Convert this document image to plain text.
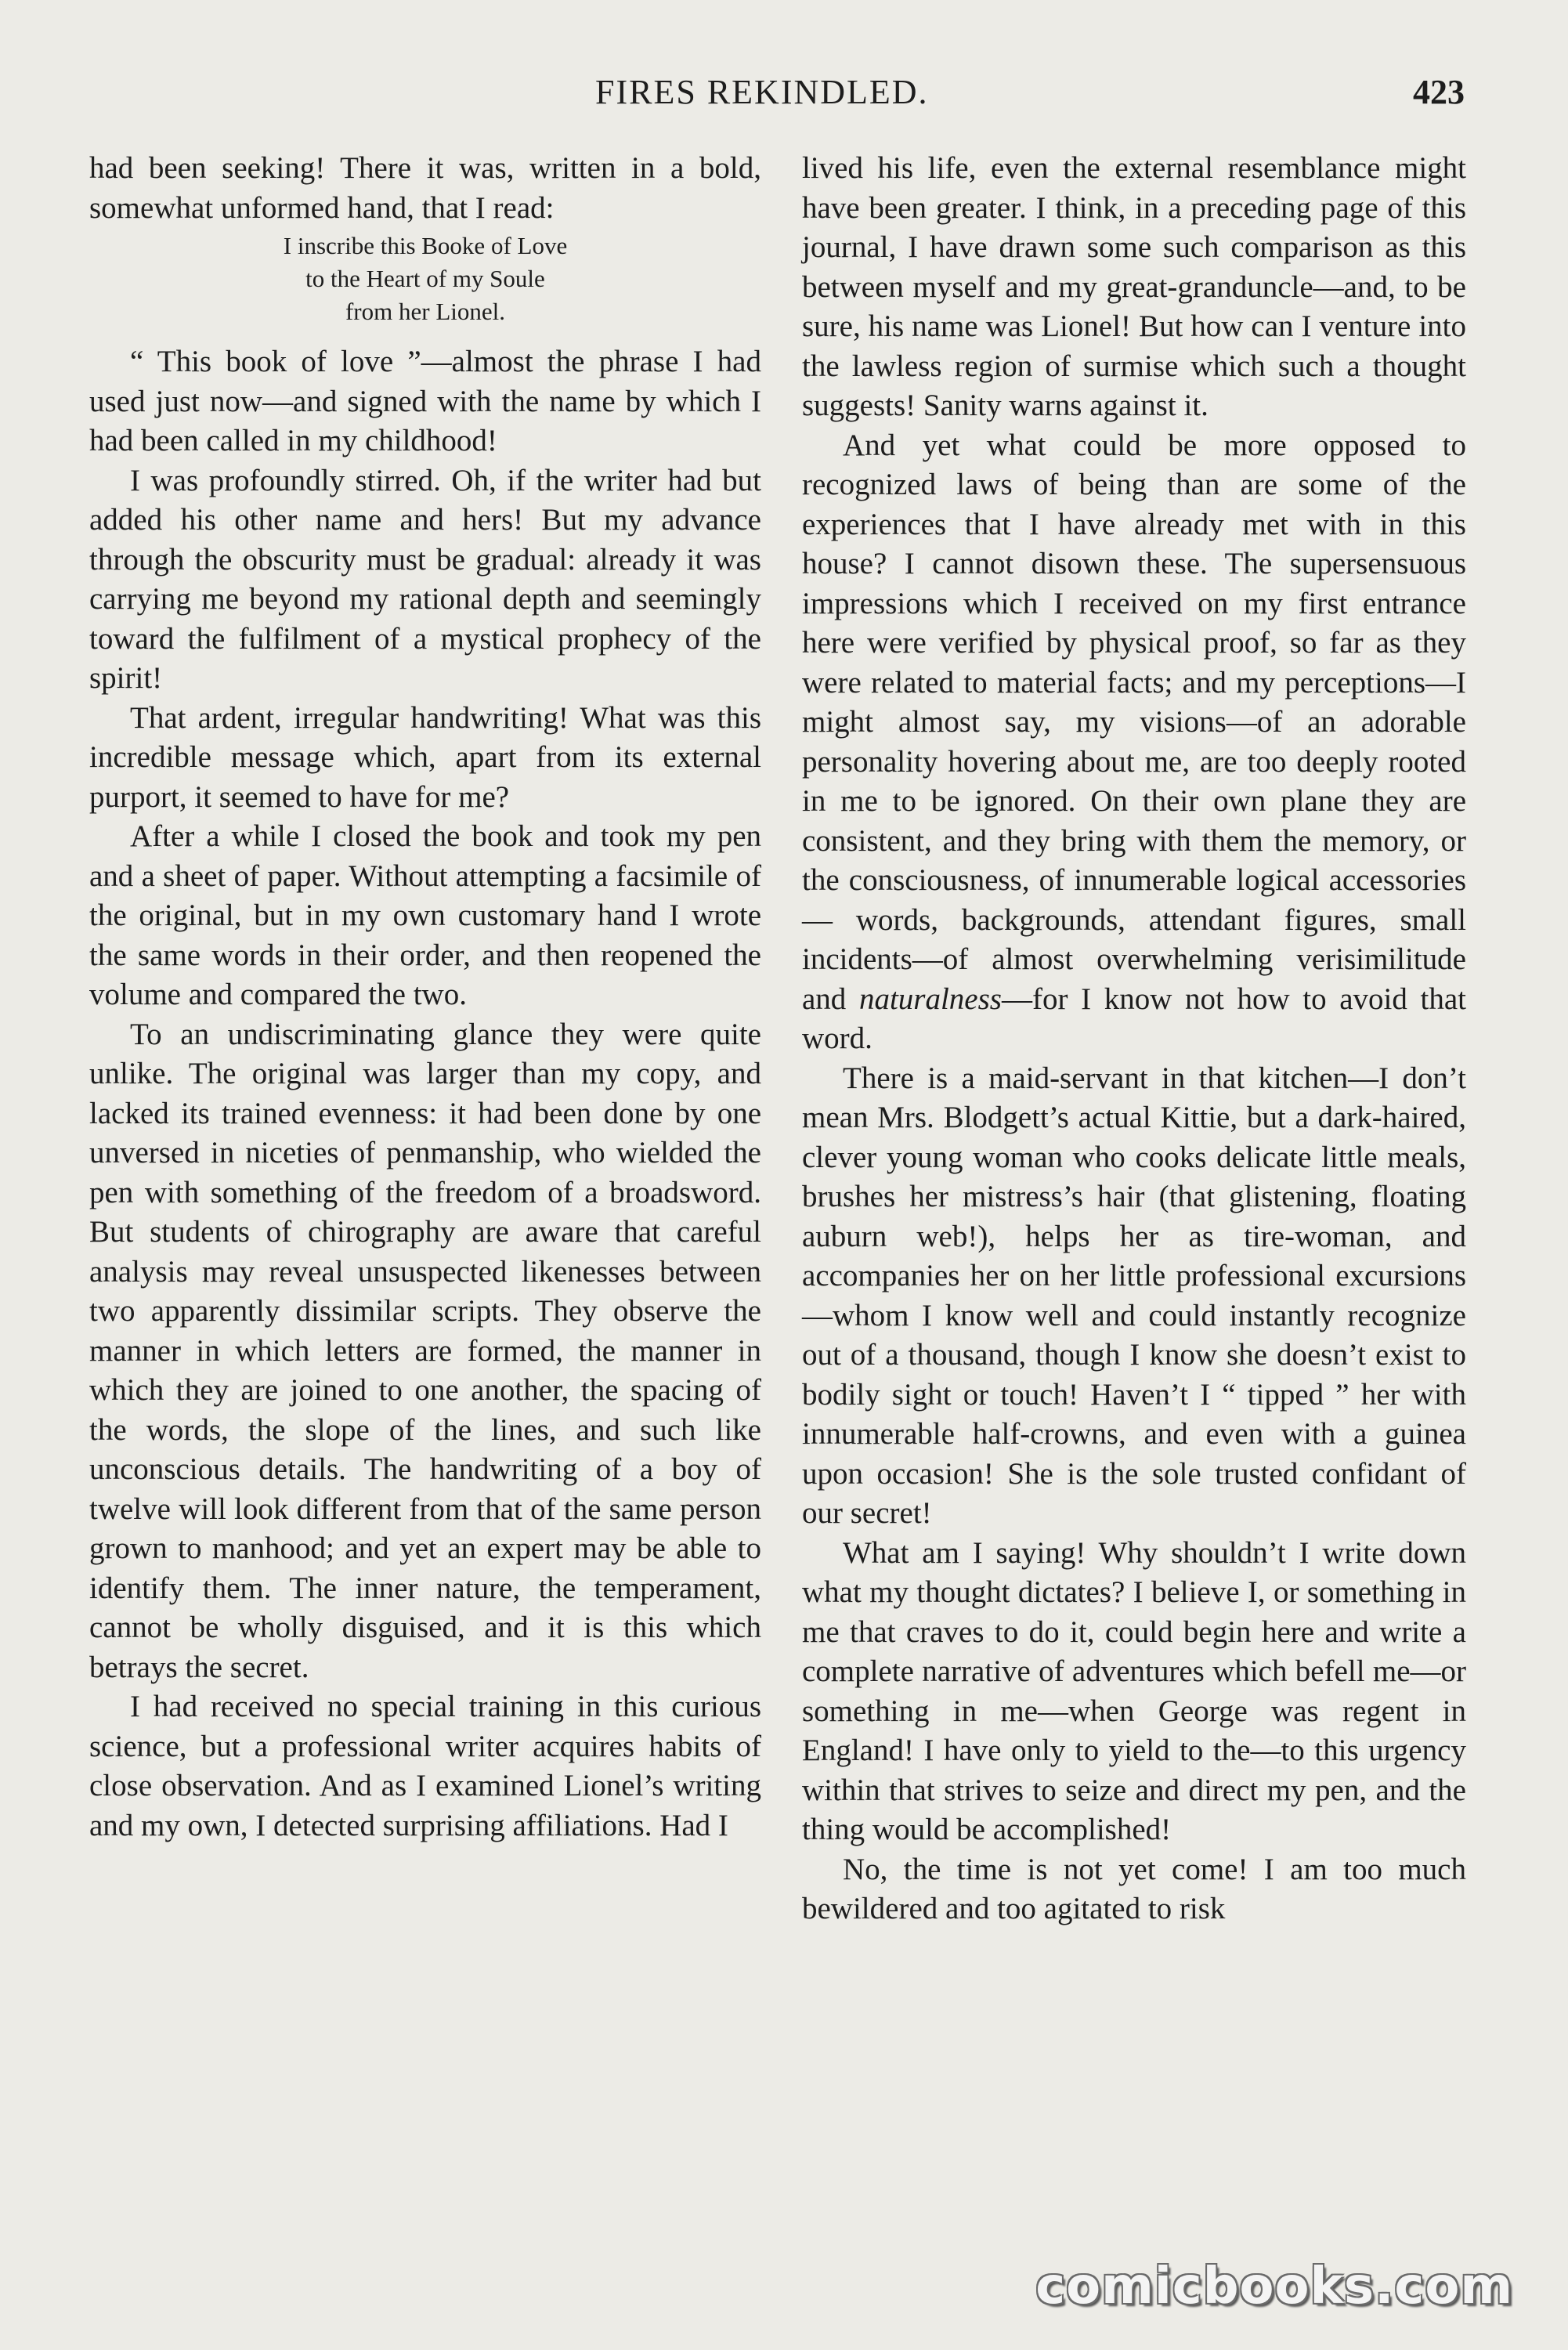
FIRES REKINDLED.	423

had been seeking! There it was, written in a bold, somewhat unformed hand, that I read:

I inscribe this Booke of Love
to the Heart of my Soule
from her Lionel.

“ This book of love ”—almost the phrase I had used just now—and signed with the name by which I had been called in my childhood!

I was profoundly stirred. Oh, if the writer had but added his other name and hers! But my advance through the obscurity must be gradual: already it was carrying me beyond my rational depth and seemingly toward the fulfilment of a mystical prophecy of the spirit!

That ardent, irregular handwriting! What was this incredible message which, apart from its external purport, it seemed to have for me?

After a while I closed the book and took my pen and a sheet of paper. Without attempting a facsimile of the original, but in my own customary hand I wrote the same words in their order, and then reopened the volume and compared the two.

To an undiscriminating glance they were quite unlike. The original was larger than my copy, and lacked its trained evenness: it had been done by one unversed in niceties of penmanship, who wielded the pen with something of the freedom of a broadsword. But students of chirography are aware that careful analysis may reveal unsuspected likenesses between two apparently dissimilar scripts. They observe the manner in which letters are formed, the manner in which they are joined to one another, the spacing of the words, the slope of the lines, and such like unconscious details. The handwriting of a boy of twelve will look different from that of the same person grown to manhood; and yet an expert may be able to identify them. The inner nature, the temperament, cannot be wholly disguised, and it is this which betrays the secret.

I had received no special training in this curious science, but a professional writer acquires habits of close observation. And as I examined Lionel’s writing and my own, I detected surprising affiliations. Had I

lived his life, even the external resemblance might have been greater. I think, in a preceding page of this journal, I have drawn some such comparison as this between myself and my great-granduncle—and, to be sure, his name was Lionel! But how can I venture into the lawless region of surmise which such a thought suggests! Sanity warns against it.

And yet what could be more opposed to recognized laws of being than are some of the experiences that I have already met with in this house? I cannot disown these. The supersensuous impressions which I received on my first entrance here were verified by physical proof, so far as they were related to material facts; and my perceptions—I might almost say, my visions—of an adorable personality hovering about me, are too deeply rooted in me to be ignored. On their own plane they are consistent, and they bring with them the memory, or the consciousness, of innumerable logical accessories — words, backgrounds, attendant figures, small incidents—of almost overwhelming verisimilitude and naturalness—for I know not how to avoid that word.

There is a maid-servant in that kitchen—I don’t mean Mrs. Blodgett’s actual Kittie, but a dark-haired, clever young woman who cooks delicate little meals, brushes her mistress’s hair (that glistening, floating auburn web!), helps her as tire-woman, and accompanies her on her little professional excursions—whom I know well and could instantly recognize out of a thousand, though I know she doesn’t exist to bodily sight or touch! Haven’t I “ tipped ” her with innumerable half-crowns, and even with a guinea upon occasion! She is the sole trusted confidant of our secret!

What am I saying! Why shouldn’t I write down what my thought dictates? I believe I, or something in me that craves to do it, could begin here and write a complete narrative of adventures which befell me—or something in me—when George was regent in England! I have only to yield to the—to this urgency within that strives to seize and direct my pen, and the thing would be accomplished!

No, the time is not yet come! I am too much bewildered and too agitated to risk

comicbooks.com
